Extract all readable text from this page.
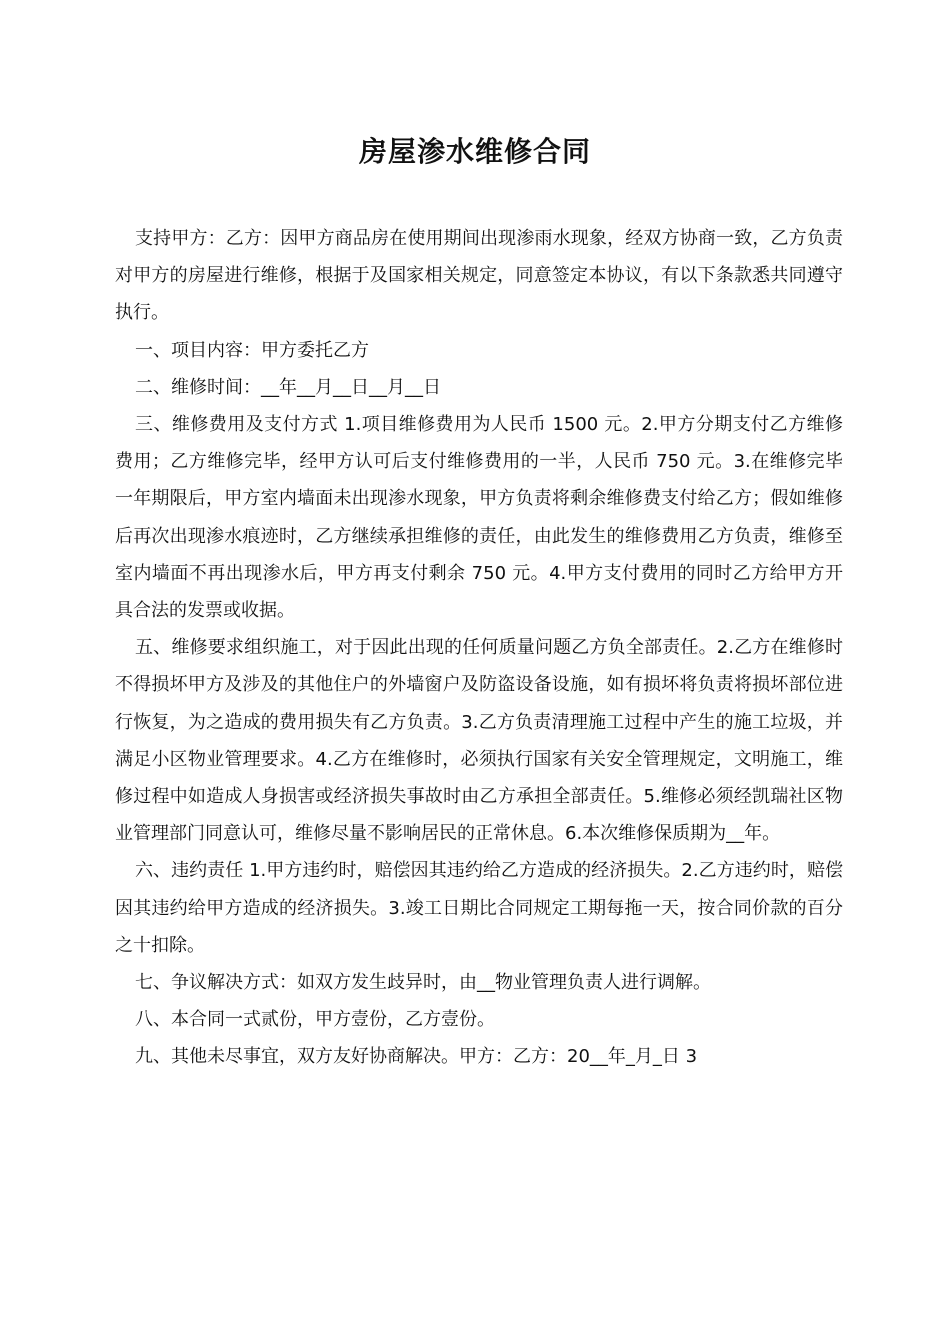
房屋渗水维修合同

支持甲方：乙方：因甲方商品房在使用期间出现渗雨水现象，经双方协商一致，乙方负责对甲方的房屋进行维修，根据于及国家相关规定，同意签定本协议，有以下条款悉共同遵守执行。

一、项目内容：甲方委托乙方

二、维修时间：__年__月__日__月__日

三、维修费用及支付方式 1.项目维修费用为人民币 1500 元。2.甲方分期支付乙方维修费用；乙方维修完毕，经甲方认可后支付维修费用的一半，人民币 750 元。3.在维修完毕一年期限后，甲方室内墙面未出现渗水现象，甲方负责将剩余维修费支付给乙方；假如维修后再次出现渗水痕迹时，乙方继续承担维修的责任，由此发生的维修费用乙方负责，维修至室内墙面不再出现渗水后，甲方再支付剩余 750 元。4.甲方支付费用的同时乙方给甲方开具合法的发票或收据。

五、维修要求组织施工，对于因此出现的任何质量问题乙方负全部责任。2.乙方在维修时不得损坏甲方及涉及的其他住户的外墙窗户及防盗设备设施，如有损坏将负责将损坏部位进行恢复，为之造成的费用损失有乙方负责。3.乙方负责清理施工过程中产生的施工垃圾，并满足小区物业管理要求。4.乙方在维修时，必须执行国家有关安全管理规定，文明施工，维修过程中如造成人身损害或经济损失事故时由乙方承担全部责任。5.维修必须经凯瑞社区物业管理部门同意认可，维修尽量不影响居民的正常休息。6.本次维修保质期为__年。

六、违约责任 1.甲方违约时，赔偿因其违约给乙方造成的经济损失。2.乙方违约时，赔偿因其违约给甲方造成的经济损失。3.竣工日期比合同规定工期每拖一天，按合同价款的百分之十扣除。

七、争议解决方式：如双方发生歧异时，由__物业管理负责人进行调解。

八、本合同一式贰份，甲方壹份，乙方壹份。

九、其他未尽事宜，双方友好协商解决。甲方：乙方：20__年_月_日 3
